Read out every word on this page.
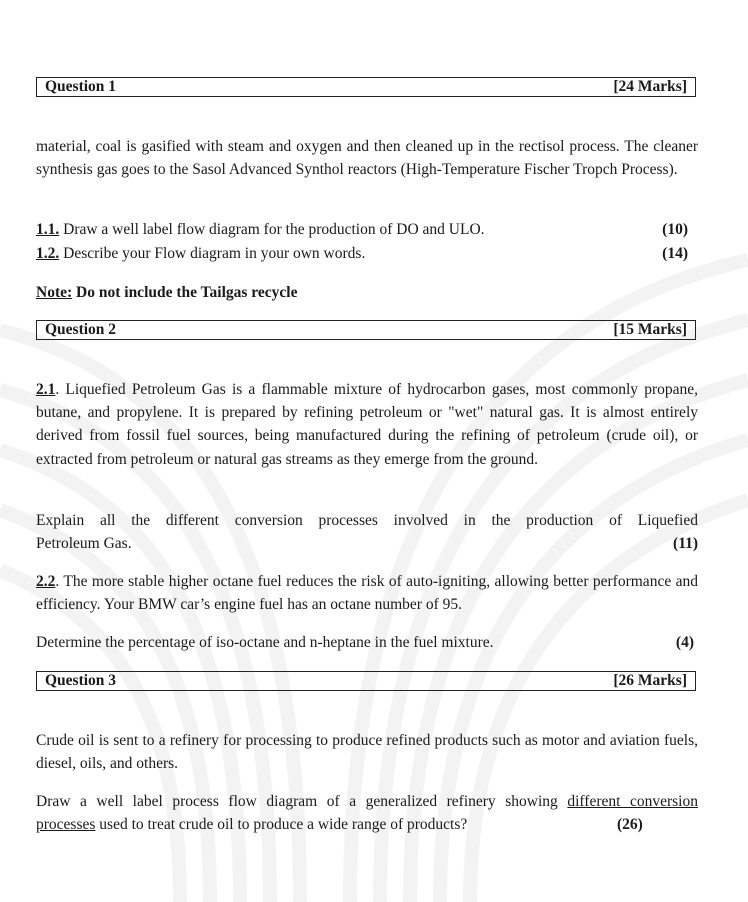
Question 1	[24 Marks]

material, coal is gasified with steam and oxygen and then cleaned up in the rectisol process. The cleaner synthesis gas goes to the Sasol Advanced Synthol reactors (High-Temperature Fischer Tropch Process).

1.1. Draw a well label flow diagram for the production of DO and ULO.	(10)
1.2. Describe your Flow diagram in your own words.	(14)
Note: Do not include the Tailgas recycle
Question 2	[15 Marks]

2.1. Liquefied Petroleum Gas is a flammable mixture of hydrocarbon gases, most commonly propane, butane, and propylene. It is prepared by refining petroleum or "wet" natural gas. It is almost entirely derived from fossil fuel sources, being manufactured during the refining of petroleum (crude oil), or extracted from petroleum or natural gas streams as they emerge from the ground.

Explain all the different conversion processes involved in the production of Liquefied
Petroleum Gas.	(11)

2.2. The more stable higher octane fuel reduces the risk of auto-igniting, allowing better performance and efficiency. Your BMW car’s engine fuel has an octane number of 95.

Determine the percentage of iso-octane and n-heptane in the fuel mixture.	(4)
Question 3	[26 Marks]

Crude oil is sent to a refinery for processing to produce refined products such as motor and aviation fuels, diesel, oils, and others.

Draw a well label process flow diagram of a generalized refinery showing different conversion
processes used to treat crude oil to produce a wide range of products?	(26)
